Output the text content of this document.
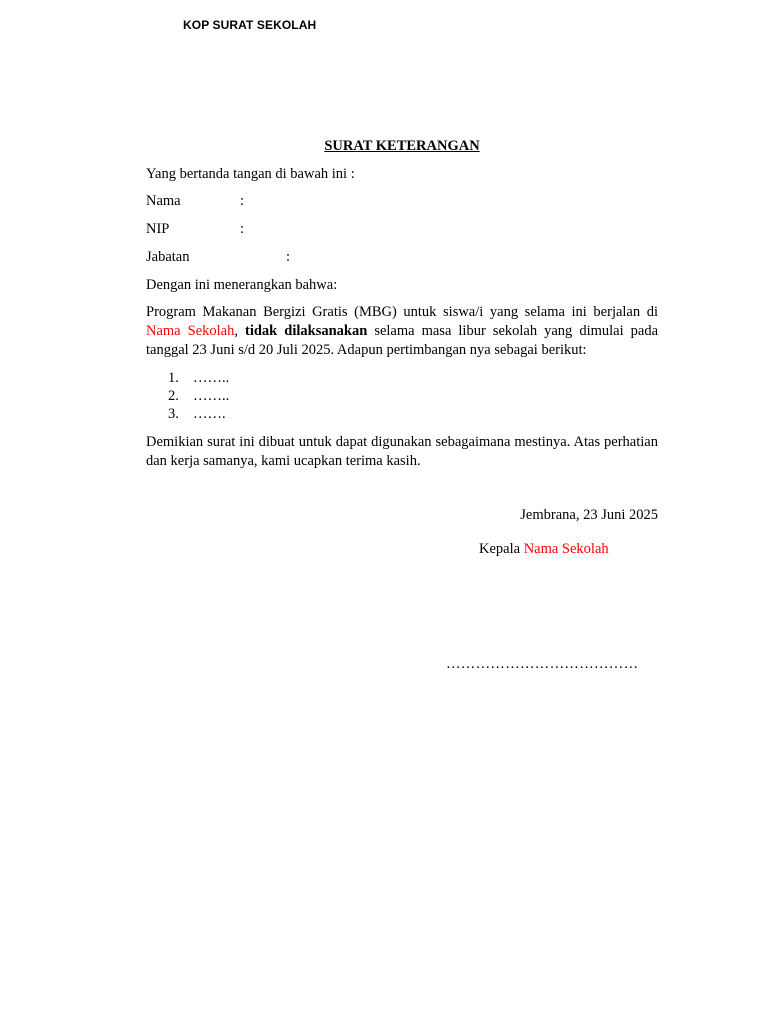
KOP SURAT SEKOLAH
SURAT KETERANGAN
Yang bertanda tangan di bawah ini :
Nama	:
NIP	:
Jabatan	:
Dengan ini menerangkan bahwa:
Program Makanan Bergizi Gratis (MBG) untuk siswa/i yang selama ini berjalan di Nama Sekolah, tidak dilaksanakan selama masa libur sekolah yang dimulai pada tanggal 23 Juni s/d 20 Juli 2025. Adapun pertimbangan nya sebagai berikut:
1. ……..
2. ……..
3. …….
Demikian surat ini dibuat untuk dapat digunakan sebagaimana mestinya. Atas perhatian dan kerja samanya, kami ucapkan terima kasih.
Jembrana, 23 Juni 2025
Kepala Nama Sekolah
…………………………………
